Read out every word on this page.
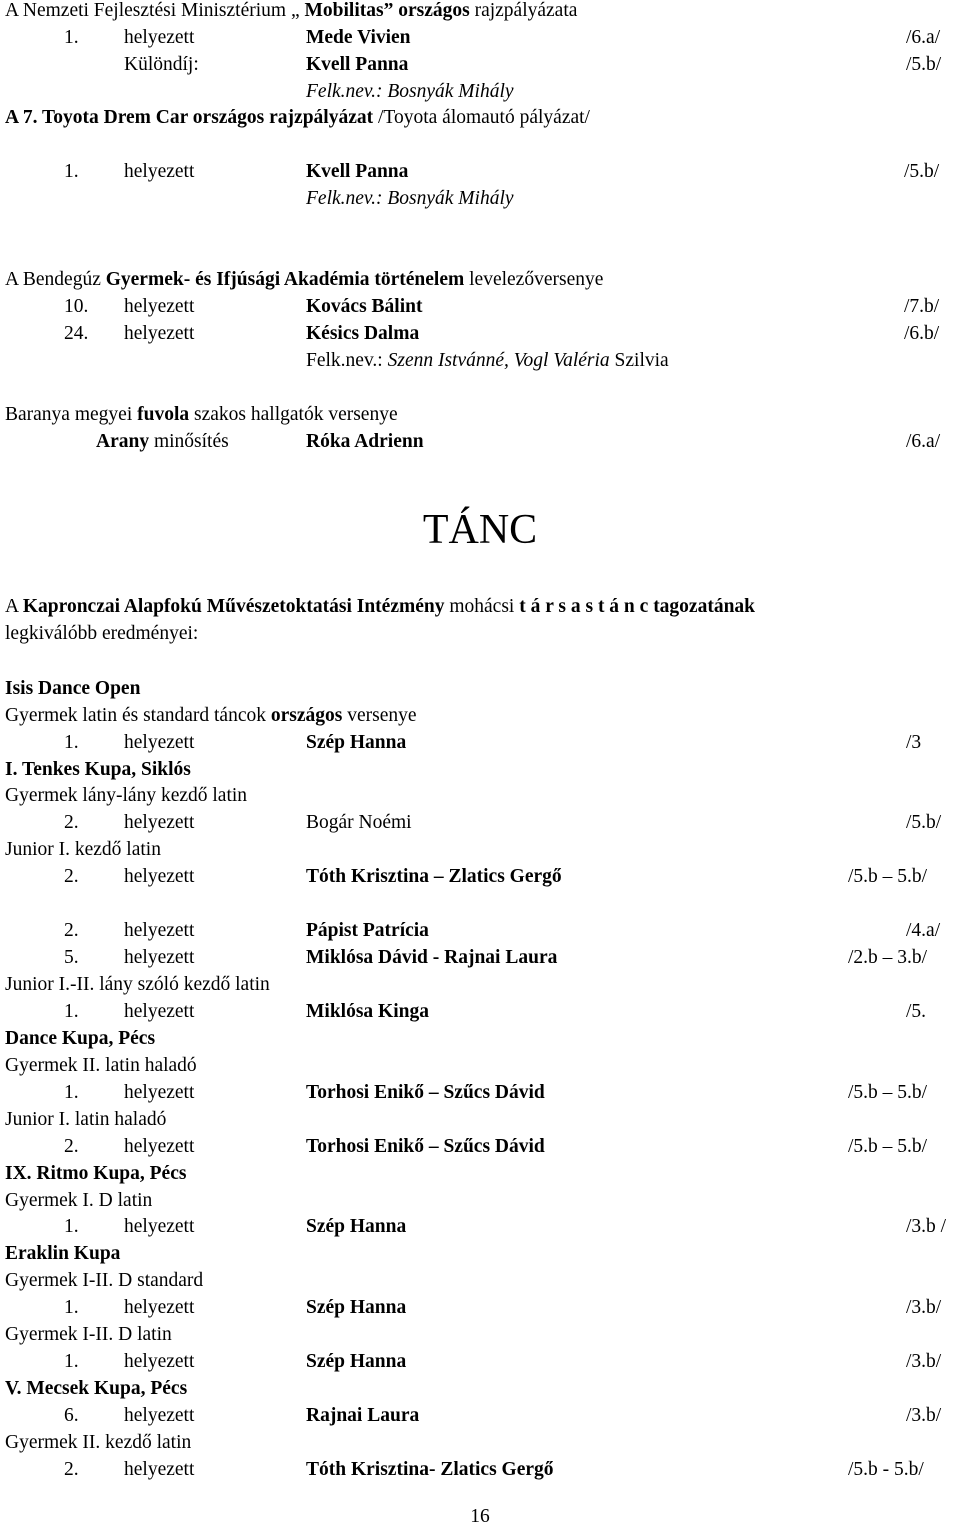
A Nemzeti Fejlesztési Minisztérium „ Mobilitas” országos rajzpályázata
1. helyezett	Mede Vivien	/6.a/
Különdíj:	Kvell Panna	/5.b/
Felk.nev.: Bosnyák Mihály
A 7. Toyota Drem Car országos rajzpályázat /Toyota álomautó pályázat/
1. helyezett	Kvell Panna	/5.b/
Felk.nev.: Bosnyák Mihály
A Bendegúz Gyermek- és Ifjúsági Akadémia történelem levelezőversenye
10. helyezett	Kovács Bálint	/7.b/
24. helyezett	Késics Dalma	/6.b/
Felk.nev.: Szenn Istvánné, Vogl Valéria Szilvia
Baranya megyei fuvola szakos hallgatók versenye
Arany minősítés	Róka Adrienn	/6.a/
TÁNC
A Kapronczai Alapfokú Művészetoktatási Intézmény mohácsi t á r s a s t á n c tagozatának
legkiválóbb eredményei:
Isis Dance Open
Gyermek latin és standard táncok országos versenye
1. helyezett	Szép Hanna	/3
I. Tenkes Kupa, Siklós
Gyermek lány-lány kezdő latin
2. helyezett	Bogár Noémi	/5.b/
Junior I. kezdő latin
2. helyezett	Tóth Krisztina – Zlatics Gergő	/5.b – 5.b/
2. helyezett	Pápist Patrícia	/4.a/
5. helyezett	Miklósa Dávid - Rajnai Laura	/2.b – 3.b/
Junior I.-II. lány szóló kezdő latin
1. helyezett	Miklósa Kinga	/5.
Dance Kupa, Pécs
Gyermek II. latin haladó
1. helyezett	Torhosi Enikő – Szűcs Dávid	/5.b – 5.b/
Junior I. latin haladó
2. helyezett	Torhosi Enikő – Szűcs Dávid	/5.b – 5.b/
IX. Ritmo Kupa, Pécs
Gyermek I. D latin
1. helyezett	Szép Hanna	/3.b /
Eraklin Kupa
Gyermek I-II. D standard
1. helyezett	Szép Hanna	/3.b/
Gyermek I-II. D latin
1. helyezett	Szép Hanna	/3.b/
V. Mecsek Kupa, Pécs
6. helyezett	Rajnai Laura	/3.b/
Gyermek II. kezdő latin
2. helyezett	Tóth Krisztina- Zlatics Gergő	/5.b - 5.b/
16
